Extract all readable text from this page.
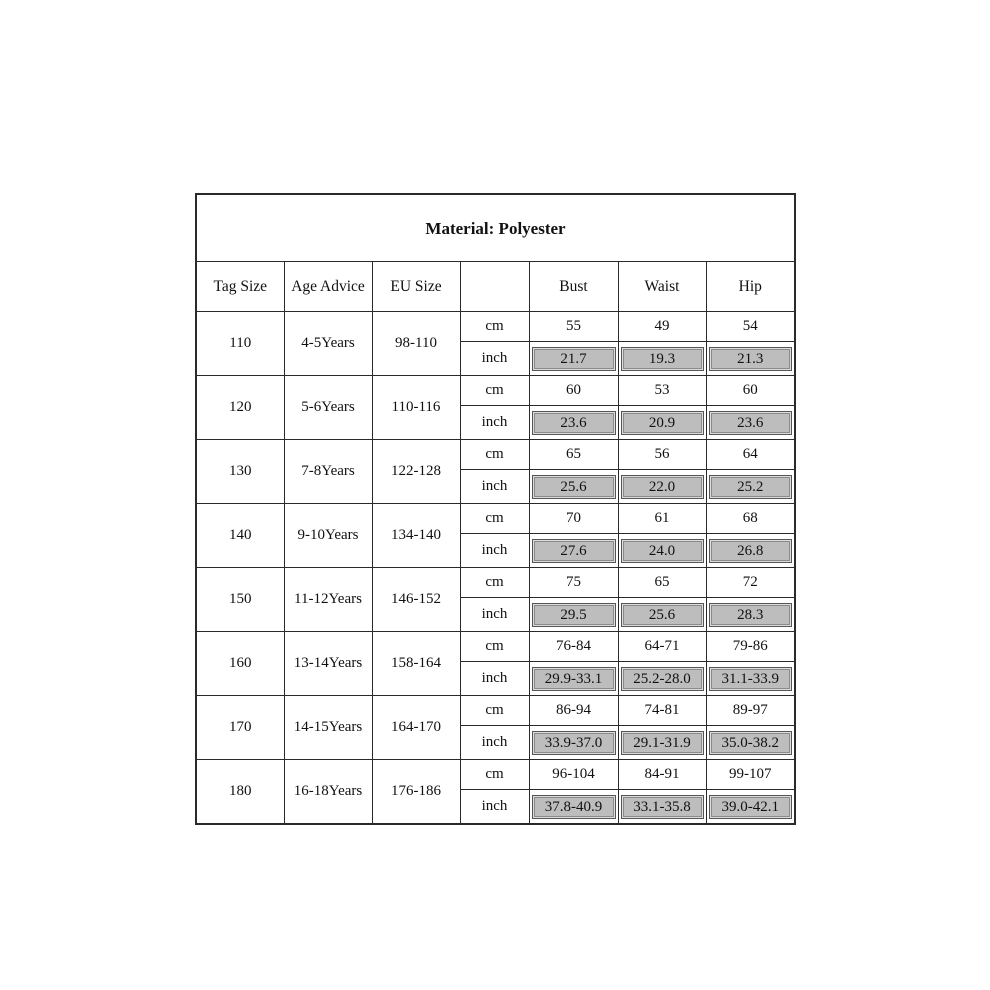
Material: Polyester						
Tag Size	Age Advice	EU Size		Bust	Waist	Hip
110	4-5Years	98-110	cm	55	49	54
			inch	21.7	19.3	21.3

120	5-6Years	110-116	cm	60	53	60
			inch	23.6	20.9	23.6

130	7-8Years	122-128	cm	65	56	64
			inch	25.6	22.0	25.2

140	9-10Years	134-140	cm	70	61	68
			inch	27.6	24.0	26.8

150	11-12Years	146-152	cm	75	65	72
			inch	29.5	25.6	28.3

160	13-14Years	158-164	cm	76-84	64-71	79-86
			inch	29.9-33.1	25.2-28.0	31.1-33.9

170	14-15Years	164-170	cm	86-94	74-81	89-97
			inch	33.9-37.0	29.1-31.9	35.0-38.2

180	16-18Years	176-186	cm	96-104	84-91	99-107
			inch	37.8-40.9	33.1-35.8	39.0-42.1
